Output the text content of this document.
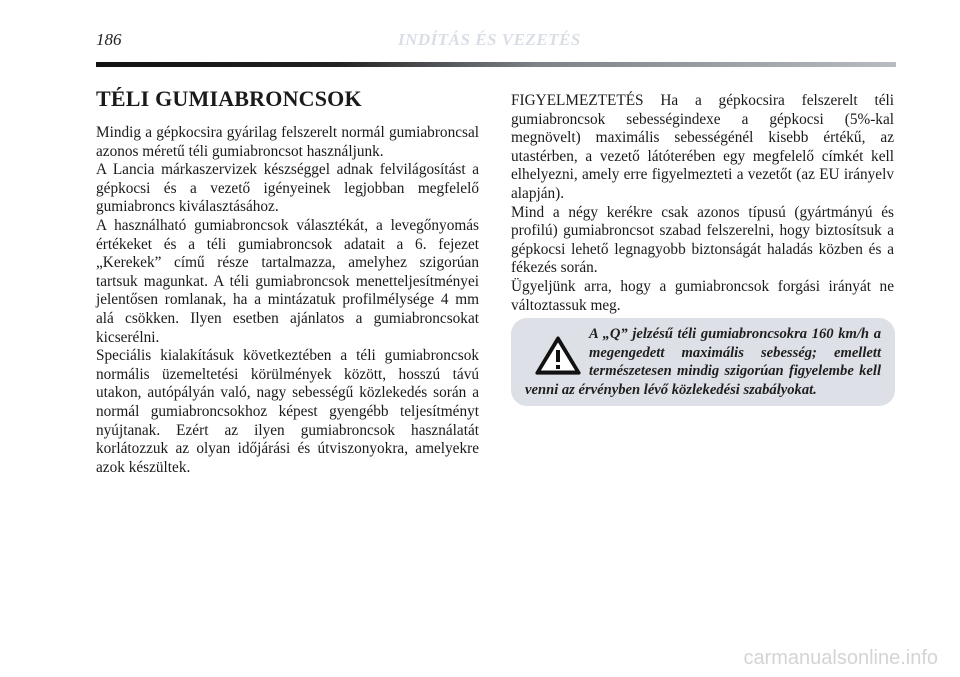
186	INDÍTÁS ÉS VEZETÉS
TÉLI GUMIABRONCSOK

Mindig a gépkocsira gyárilag felszerelt normál gumiabroncsal azonos méretű téli gumiabroncsot használjunk.

A Lancia márkaszervizek készséggel adnak felvilágosítást a gépkocsi és a vezető igényeinek legjobban megfelelő gumiabroncs kiválasztásához.

A használható gumiabroncsok választékát, a levegőnyomás értékeket és a téli gumiabroncsok adatait a 6. fejezet „Kerekek” című része tartalmazza, amelyhez szigorúan tartsuk magunkat. A téli gumiabroncsok menetteljesítményei jelentősen romlanak, ha a mintázatuk profilmélysége 4 mm alá csökken. Ilyen esetben ajánlatos a gumiabroncsokat kicserélni.

Speciális kialakításuk következtében a téli gumiabroncsok normális üzemeltetési körülmények között, hosszú távú utakon, autópályán való, nagy sebességű közlekedés során a normál gumiabroncsokhoz képest gyengébb teljesítményt nyújtanak. Ezért az ilyen gumiabroncsok használatát korlátozzuk az olyan időjárási és útviszonyokra, amelyekre azok készültek.

FIGYELMEZTETÉS Ha a gépkocsira felszerelt téli gumiabroncsok sebességindexe a gépkocsi (5%-kal megnövelt) maximális sebességénél kisebb értékű, az utastérben, a vezető látóterében egy megfelelő címkét kell elhelyezni, amely erre figyelmezteti a vezetőt (az EU irányelv alapján).

Mind a négy kerékre csak azonos típusú (gyártmányú és profilú) gumiabroncsot szabad felszerelni, hogy biztosítsuk a gépkocsi lehető legnagyobb biztonságát haladás közben és a fékezés során.

Ügyeljünk arra, hogy a gumiabroncsok forgási irányát ne változtassuk meg.

A „Q” jelzésű téli gumiabroncsokra 160 km/h a megengedett maximális sebesség; emellett természetesen mindig szigorúan figyelembe kell venni az érvényben lévő közlekedési szabályokat.
carmanualsonline.info
